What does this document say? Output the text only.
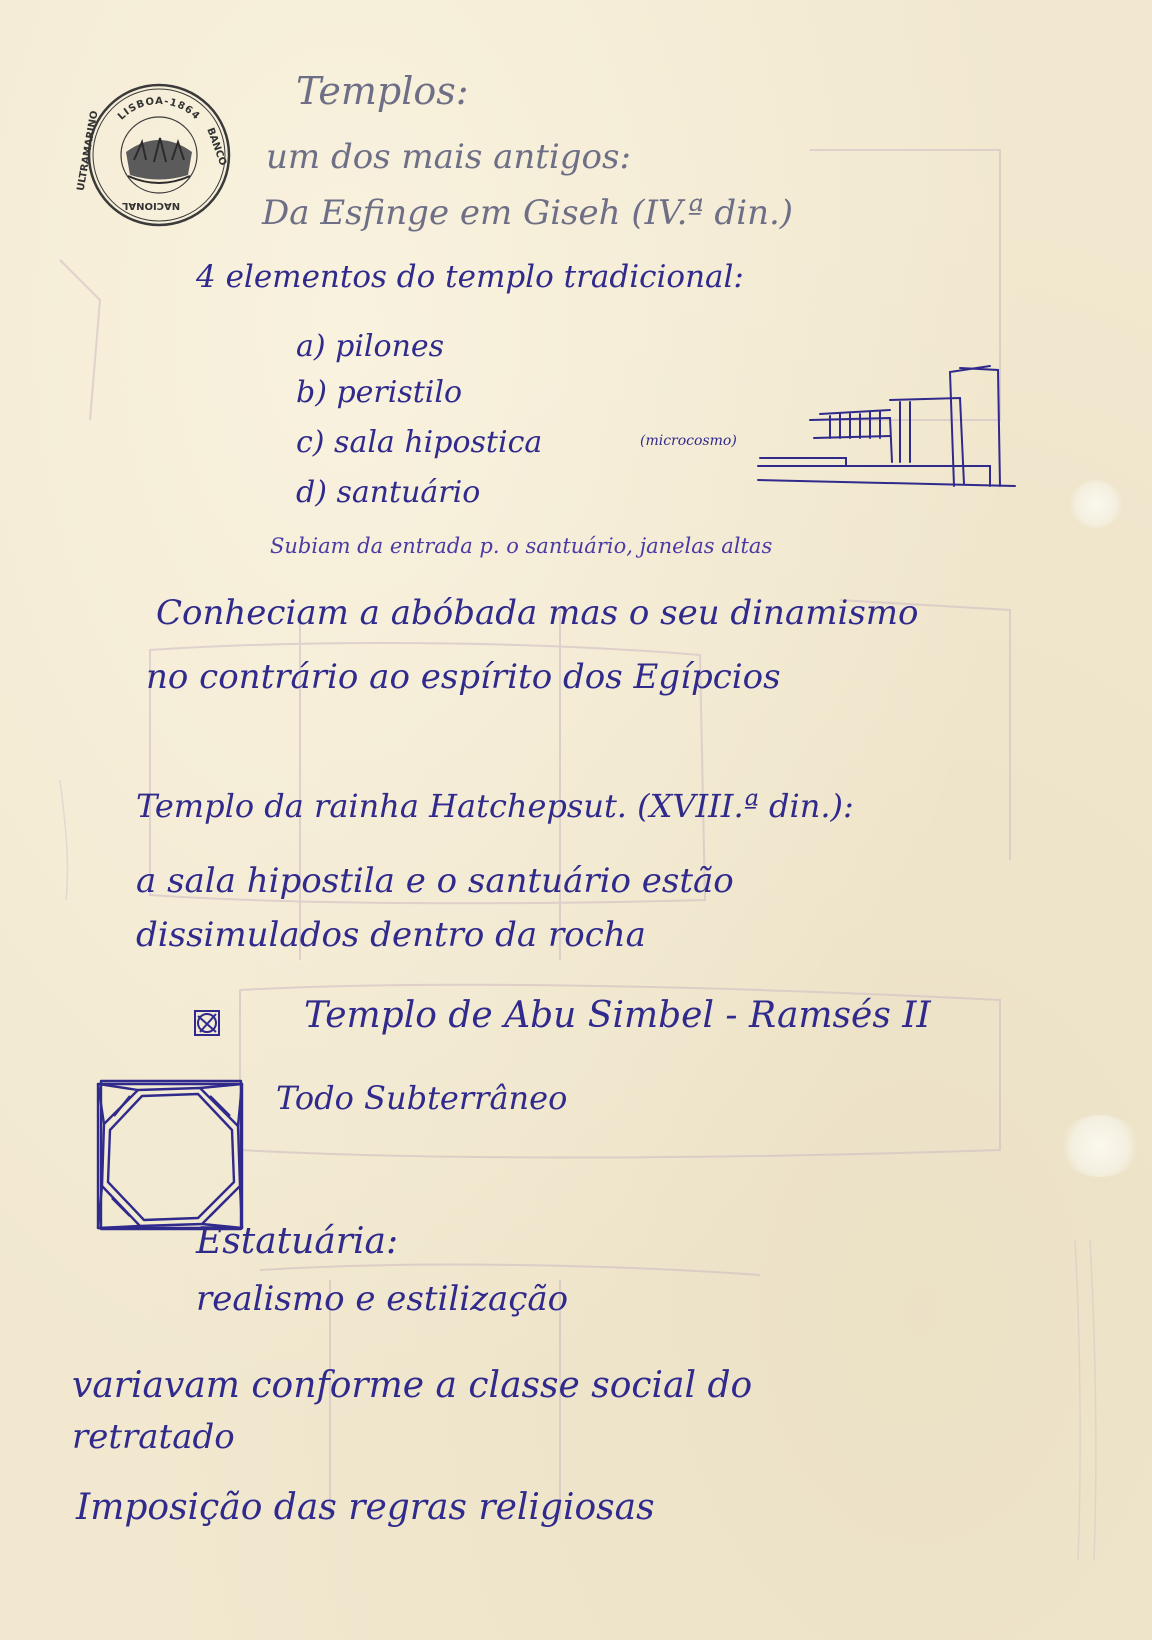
LISBOA-1864
BANCO
NACIONAL
ULTRAMARINO
Templos:
um dos mais antigos:
Da Esfinge em Giseh (IV.ª din.)
4 elementos do templo tradicional:
a) pilones
b) peristilo
c) sala hipostica	(microcosmo)
d) santuário
Subiam da entrada p. o santuário, janelas altas
Conheciam a abóbada mas o seu dinamismo
no contrário ao espírito dos Egípcios
Templo da rainha Hatchepsut. (XVIII.ª din.):
a sala hipostila e o santuário estão
dissimulados dentro da rocha
Templo de Abu Simbel - Ramsés II
Todo Subterrâneo
Estatuária:
realismo e estilização
variavam conforme a classe social do
retratado
Imposição das regras religiosas
